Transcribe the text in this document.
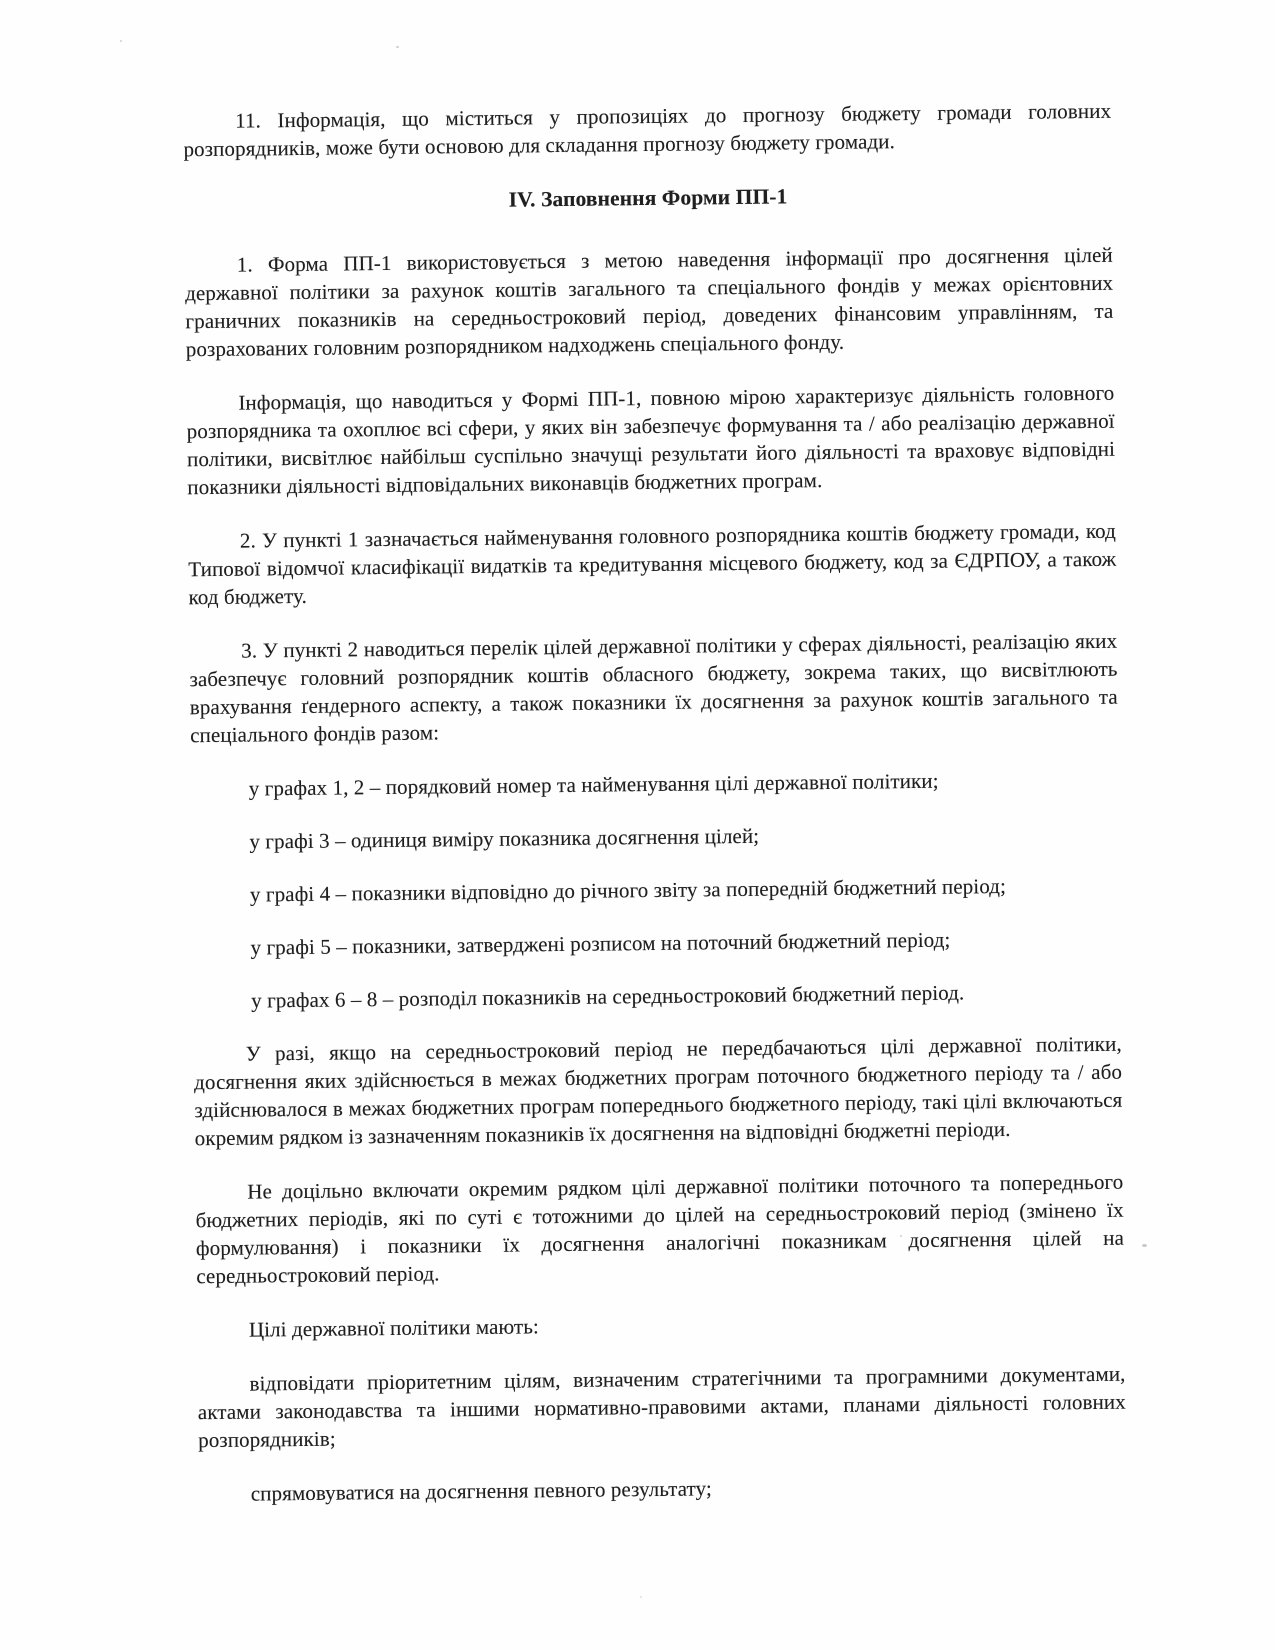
11. Інформація, що міститься у пропозиціях до прогнозу бюджету громади головних розпорядників, може бути основою для складання прогнозу бюджету громади.

IV. Заповнення Форми ПП-1

1. Форма ПП-1 використовується з метою наведення інформації про досягнення цілей державної політики за рахунок коштів загального та спеціального фондів у межах орієнтовних граничних показників на середньостроковий період, доведених фінансовим управлінням, та розрахованих головним розпорядником надходжень спеціального фонду.

Інформація, що наводиться у Формі ПП-1, повною мірою характеризує діяльність головного розпорядника та охоплює всі сфери, у яких він забезпечує формування та / або реалізацію державної політики, висвітлює найбільш суспільно значущі результати його діяльності та враховує відповідні показники діяльності відповідальних виконавців бюджетних програм.

2. У пункті 1 зазначається найменування головного розпорядника коштів бюджету громади, код Типової відомчої класифікації видатків та кредитування місцевого бюджету, код за ЄДРПОУ, а також код бюджету.

3. У пункті 2 наводиться перелік цілей державної політики у сферах діяльності, реалізацію яких забезпечує головний розпорядник коштів обласного бюджету, зокрема таких, що висвітлюють врахування ґендерного аспекту, а також показники їх досягнення за рахунок коштів загального та спеціального фондів разом:

у графах 1, 2 – порядковий номер та найменування цілі державної політики;

у графі 3 – одиниця виміру показника досягнення цілей;

у графі 4 – показники відповідно до річного звіту за попередній бюджетний період;

у графі 5 – показники, затверджені розписом на поточний бюджетний період;

у графах 6 – 8 – розподіл показників на середньостроковий бюджетний період.

У разі, якщо на середньостроковий період не передбачаються цілі державної політики, досягнення яких здійснюється в межах бюджетних програм поточного бюджетного періоду та / або здійснювалося в межах бюджетних програм попереднього бюджетного періоду, такі цілі включаються окремим рядком із зазначенням показників їх досягнення на відповідні бюджетні періоди.

Не доцільно включати окремим рядком цілі державної політики поточного та попереднього бюджетних періодів, які по суті є тотожними до цілей на середньостроковий період (змінено їх формулювання) і показники їх досягнення аналогічні показникам досягнення цілей на середньостроковий період.

Цілі державної політики мають:

відповідати пріоритетним цілям, визначеним стратегічними та програмними документами, актами законодавства та іншими нормативно-правовими актами, планами діяльності головних розпорядників;

спрямовуватися на досягнення певного результату;
